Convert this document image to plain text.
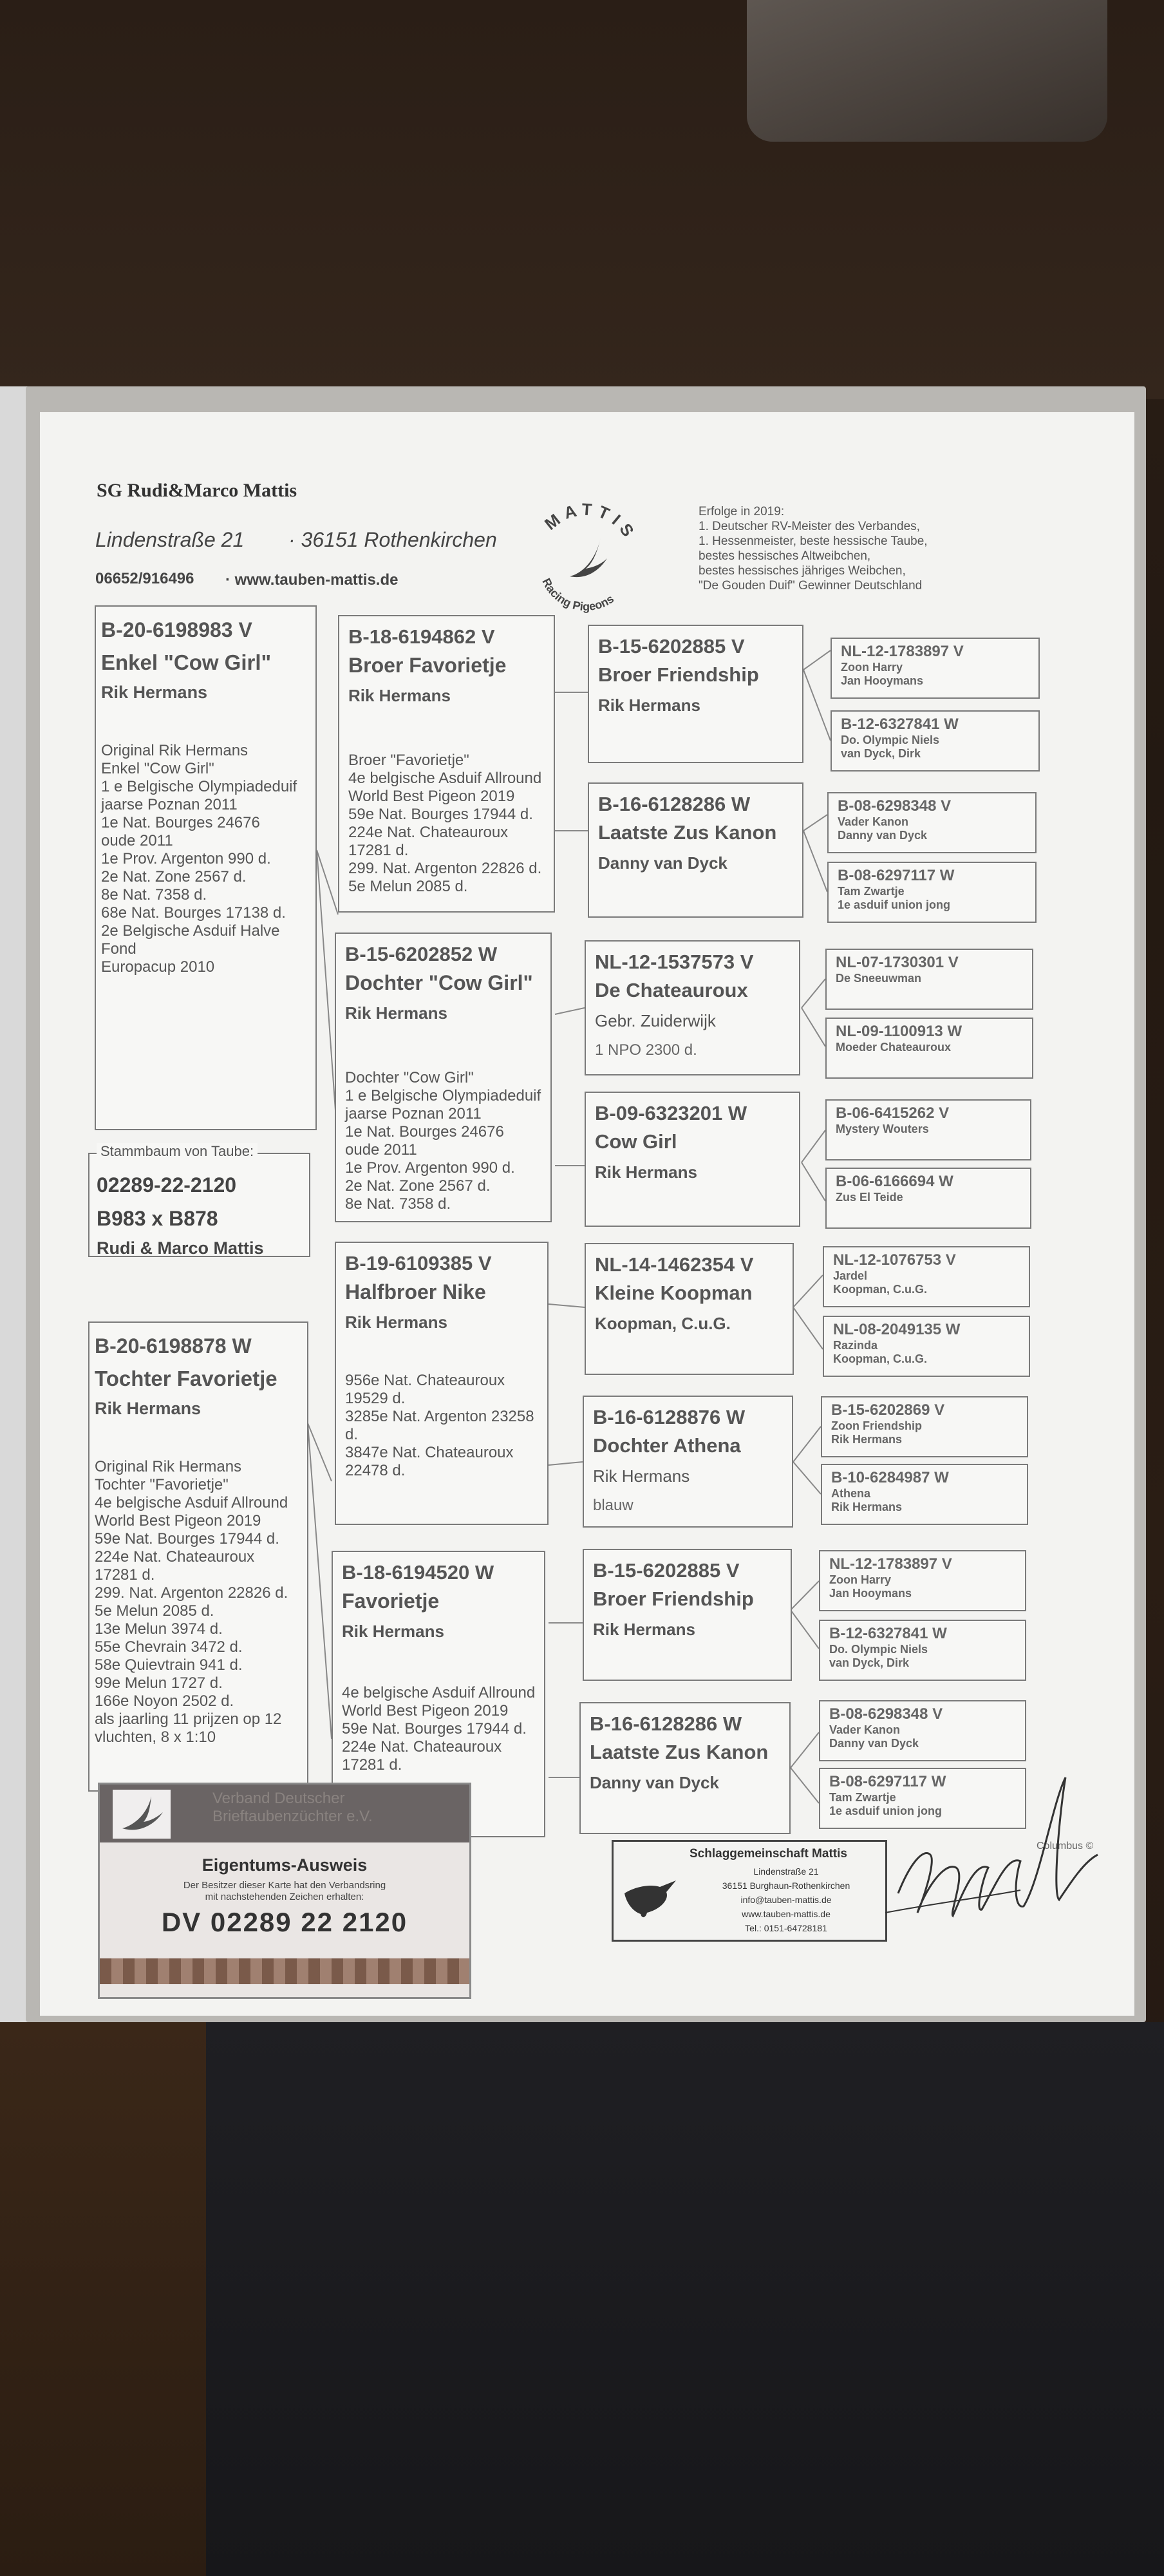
SG Rudi&Marco Mattis
Lindenstraße 21 · 36151 Rothenkirchen
06652/916496 · www.tauben-mattis.de
MATTIS
Racing Pigeons
Erfolge in 2019:
1. Deutscher RV-Meister des Verbandes,
1. Hessenmeister, beste hessische Taube,
bestes hessisches Altweibchen,
bestes hessisches jähriges Weibchen,
"De Gouden Duif" Gewinner Deutschland
B-20-6198983 V
Enkel "Cow Girl"
Rik Hermans
Original Rik Hermans
Enkel "Cow Girl"
1 e Belgische Olympiadeduif
jaarse Poznan 2011
1e Nat. Bourges 24676
oude 2011
1e Prov. Argenton 990 d.
2e Nat. Zone 2567 d.
8e Nat. 7358 d.
68e Nat. Bourges 17138 d.
2e Belgische Asduif Halve
Fond
Europacup 2010
Stammbaum von Taube:
02289-22-2120
B983 x B878
Rudi & Marco Mattis
B-20-6198878 W
Tochter Favorietje
Rik Hermans
Original Rik Hermans
Tochter "Favorietje"
4e belgische Asduif Allround
World Best Pigeon 2019
59e Nat. Bourges 17944 d.
224e Nat. Chateauroux
17281 d.
299. Nat. Argenton 22826 d.
5e Melun 2085 d.
13e Melun 3974 d.
55e Chevrain 3472 d.
58e Quievtrain 941 d.
99e Melun 1727 d.
166e Noyon 2502 d.
als jaarling 11 prijzen op 12
vluchten, 8 x 1:10
B-18-6194862 V
Broer Favorietje
Rik Hermans
Broer "Favorietje"
4e belgische Asduif Allround
World Best Pigeon 2019
59e Nat. Bourges 17944 d.
224e Nat. Chateauroux
17281 d.
299. Nat. Argenton 22826 d.
5e Melun 2085 d.
B-15-6202852 W
Dochter "Cow Girl"
Rik Hermans
Dochter "Cow Girl"
1 e Belgische Olympiadeduif
jaarse Poznan 2011
1e Nat. Bourges 24676
oude 2011
1e Prov. Argenton 990 d.
2e Nat. Zone 2567 d.
8e Nat. 7358 d.
B-19-6109385 V
Halfbroer Nike
Rik Hermans
956e Nat. Chateauroux
19529 d.
3285e Nat. Argenton 23258
d.
3847e Nat. Chateauroux
22478 d.
B-18-6194520 W
Favorietje
Rik Hermans
4e belgische Asduif Allround
World Best Pigeon 2019
59e Nat. Bourges 17944 d.
224e Nat. Chateauroux
17281 d.
B-15-6202885 V
Broer Friendship
Rik Hermans
B-16-6128286 W
Laatste Zus Kanon
Danny van Dyck
NL-12-1537573 V
De Chateauroux
Gebr. Zuiderwijk
1 NPO 2300 d.
B-09-6323201 W
Cow Girl
Rik Hermans
NL-14-1462354 V
Kleine Koopman
Koopman, C.u.G.
B-16-6128876 W
Dochter Athena
Rik Hermans
blauw
B-15-6202885 V
Broer Friendship
Rik Hermans
B-16-6128286 W
Laatste Zus Kanon
Danny van Dyck
NL-12-1783897 V
Zoon Harry
Jan Hooymans
B-12-6327841 W
Do. Olympic Niels
van Dyck, Dirk
B-08-6298348 V
Vader Kanon
Danny van Dyck
B-08-6297117 W
Tam Zwartje
1e asduif union jong
NL-07-1730301 V
De Sneeuwman
NL-09-1100913 W
Moeder Chateauroux
B-06-6415262 V
Mystery Wouters
B-06-6166694 W
Zus El Teide
NL-12-1076753 V
Jardel
Koopman, C.u.G.
NL-08-2049135 W
Razinda
Koopman, C.u.G.
B-15-6202869 V
Zoon Friendship
Rik Hermans
B-10-6284987 W
Athena
Rik Hermans
NL-12-1783897 V
Zoon Harry
Jan Hooymans
B-12-6327841 W
Do. Olympic Niels
van Dyck, Dirk
B-08-6298348 V
Vader Kanon
Danny van Dyck
B-08-6297117 W
Tam Zwartje
1e asduif union jong
Verband Deutscher
Brieftaubenzüchter e.V.
Eigentums-Ausweis
Der Besitzer dieser Karte hat den Verbandsring
mit nachstehenden Zeichen erhalten:
DV 02289 22 2120
Schlaggemeinschaft Mattis
Lindenstraße 21
36151 Burghaun-Rothenkirchen
info@tauben-mattis.de
www.tauben-mattis.de
Tel.: 0151-64728181
Columbus ©
